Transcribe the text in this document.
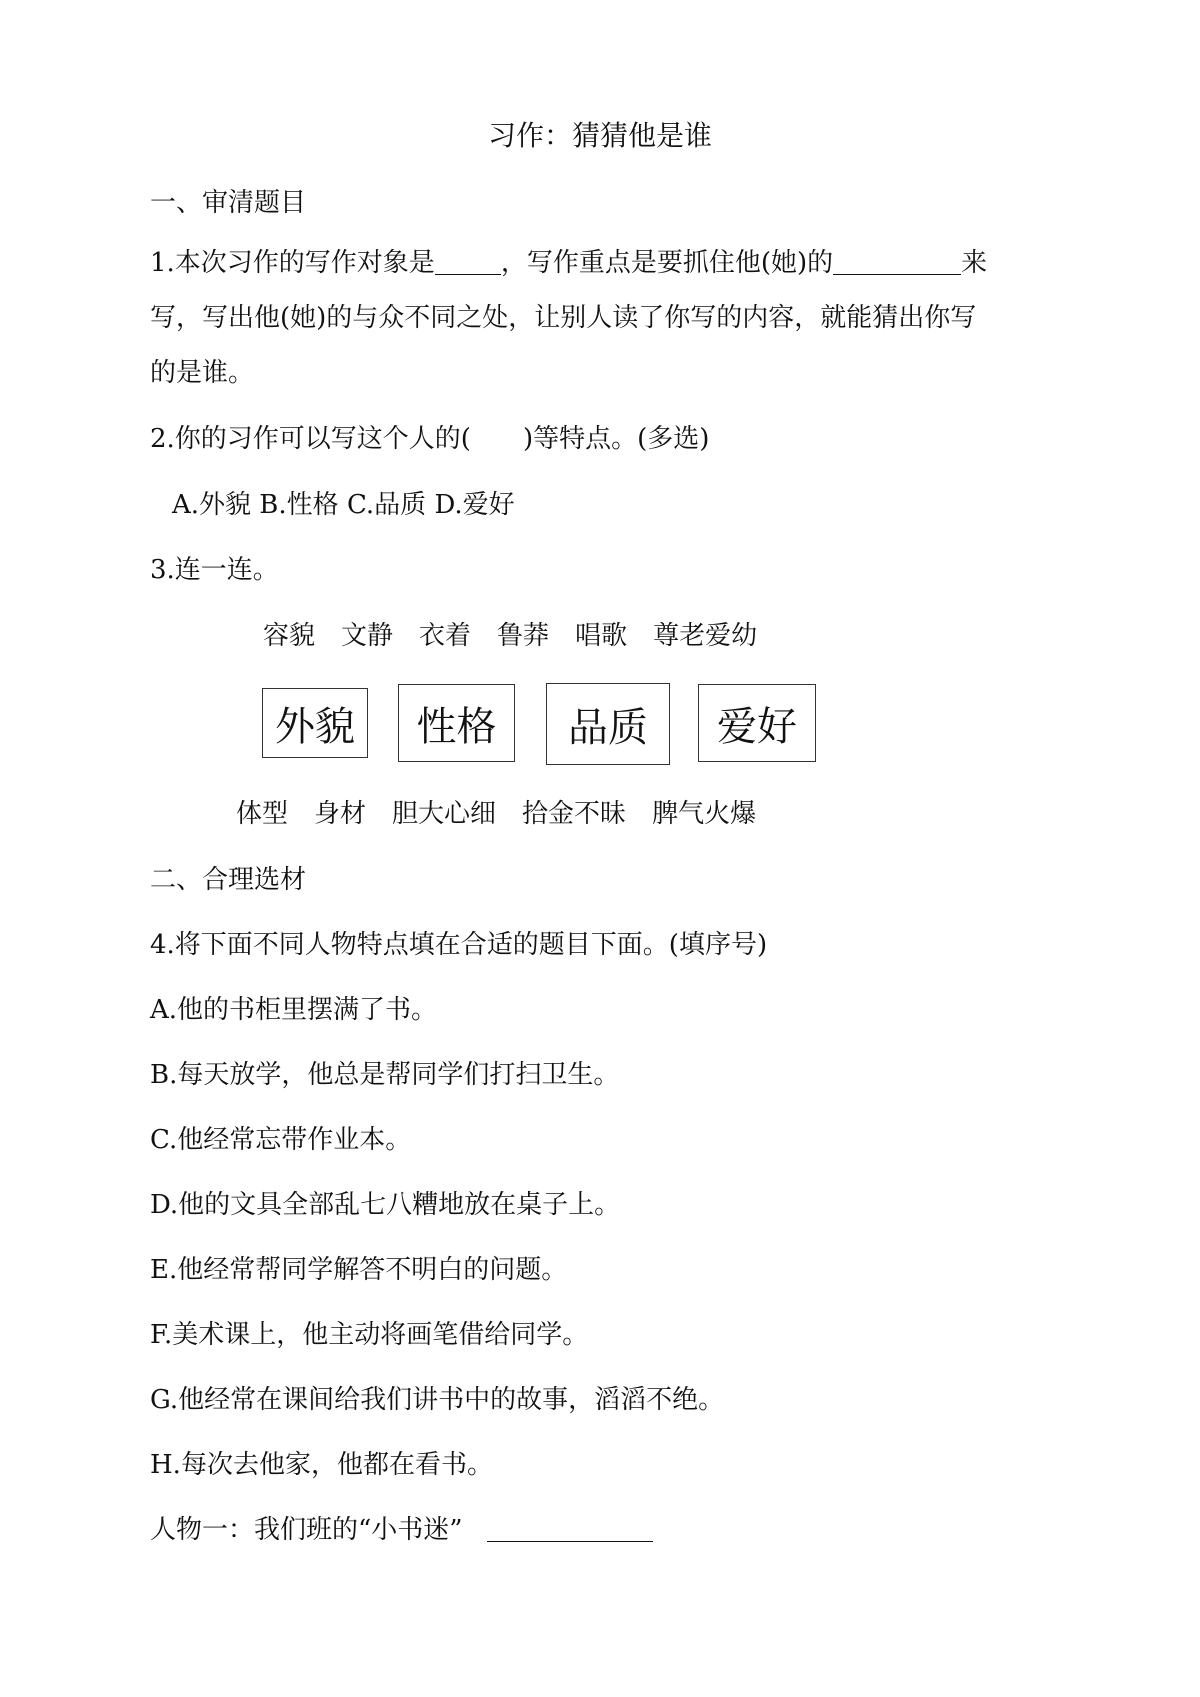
习作：猜猜他是谁
一、审清题目
1.本次习作的写作对象是	，写作重点是要抓住他(她)的	来
写，写出他(她)的与众不同之处，让别人读了你写的内容，就能猜出你写
的是谁。
2.你的习作可以写这个人的(　　)等特点。(多选)
A.外貌 B.性格 C.品质 D.爱好
3.连一连。
容貌 文静 衣着 鲁莽 唱歌 尊老爱幼
外貌	性格	品质	爱好
体型 身材 胆大心细 拾金不昧 脾气火爆
二、合理选材
4.将下面不同人物特点填在合适的题目下面。(填序号)
A.他的书柜里摆满了书。
B.每天放学，他总是帮同学们打扫卫生。
C.他经常忘带作业本。
D.他的文具全部乱七八糟地放在桌子上。
E.他经常帮同学解答不明白的问题。
F.美术课上，他主动将画笔借给同学。
G.他经常在课间给我们讲书中的故事，滔滔不绝。
H.每次去他家，他都在看书。
人物一：我们班的“小书迷”
